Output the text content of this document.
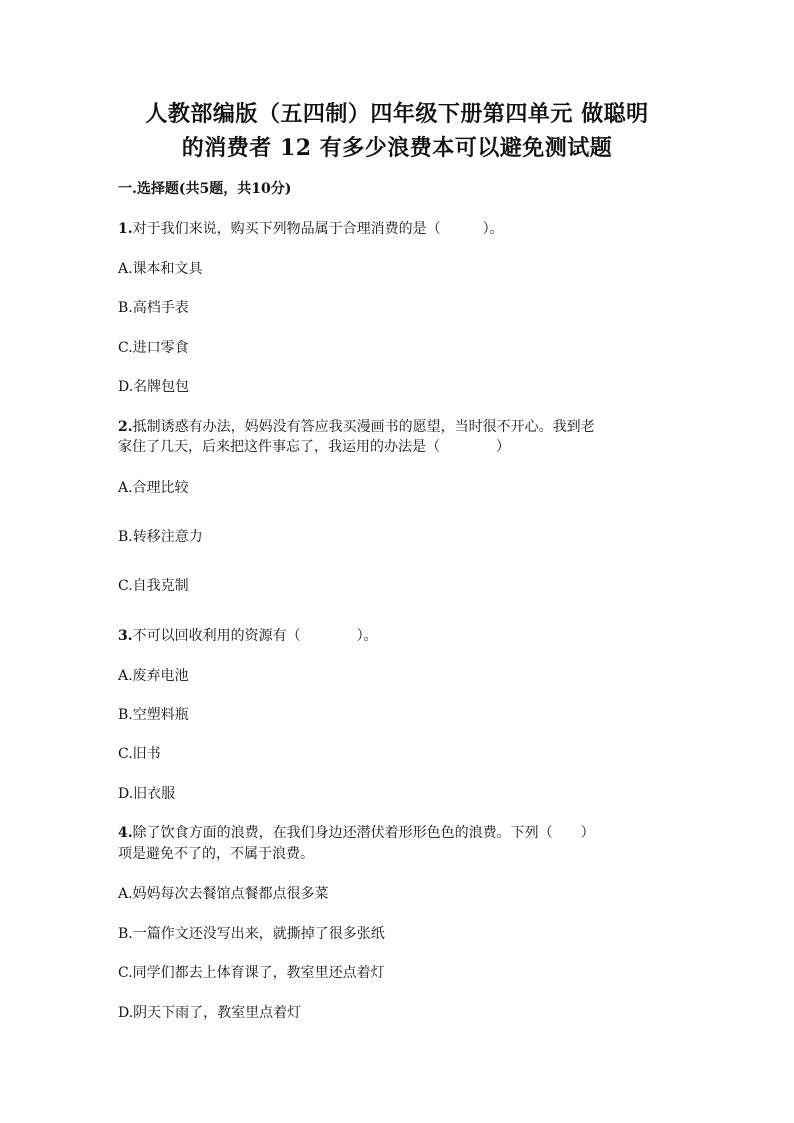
人教部编版（五四制）四年级下册第四单元 做聪明
的消费者 12 有多少浪费本可以避免测试题
一.选择题(共5题，共10分)
1.对于我们来说，购买下列物品属于合理消费的是（　　　）。
A.课本和文具
B.高档手表
C.进口零食
D.名牌包包
2.抵制诱惑有办法，妈妈没有答应我买漫画书的愿望，当时很不开心。我到老
家住了几天，后来把这件事忘了，我运用的办法是（　　　　）
A.合理比较
B.转移注意力
C.自我克制
3.不可以回收利用的资源有（　　　　）。
A.废弃电池
B.空塑料瓶
C.旧书
D.旧衣服
4.除了饮食方面的浪费，在我们身边还潜伏着形形色色的浪费。下列（　　）
项是避免不了的，不属于浪费。
A.妈妈每次去餐馆点餐都点很多菜
B.一篇作文还没写出来，就撕掉了很多张纸
C.同学们都去上体育课了，教室里还点着灯
D.阴天下雨了，教室里点着灯
